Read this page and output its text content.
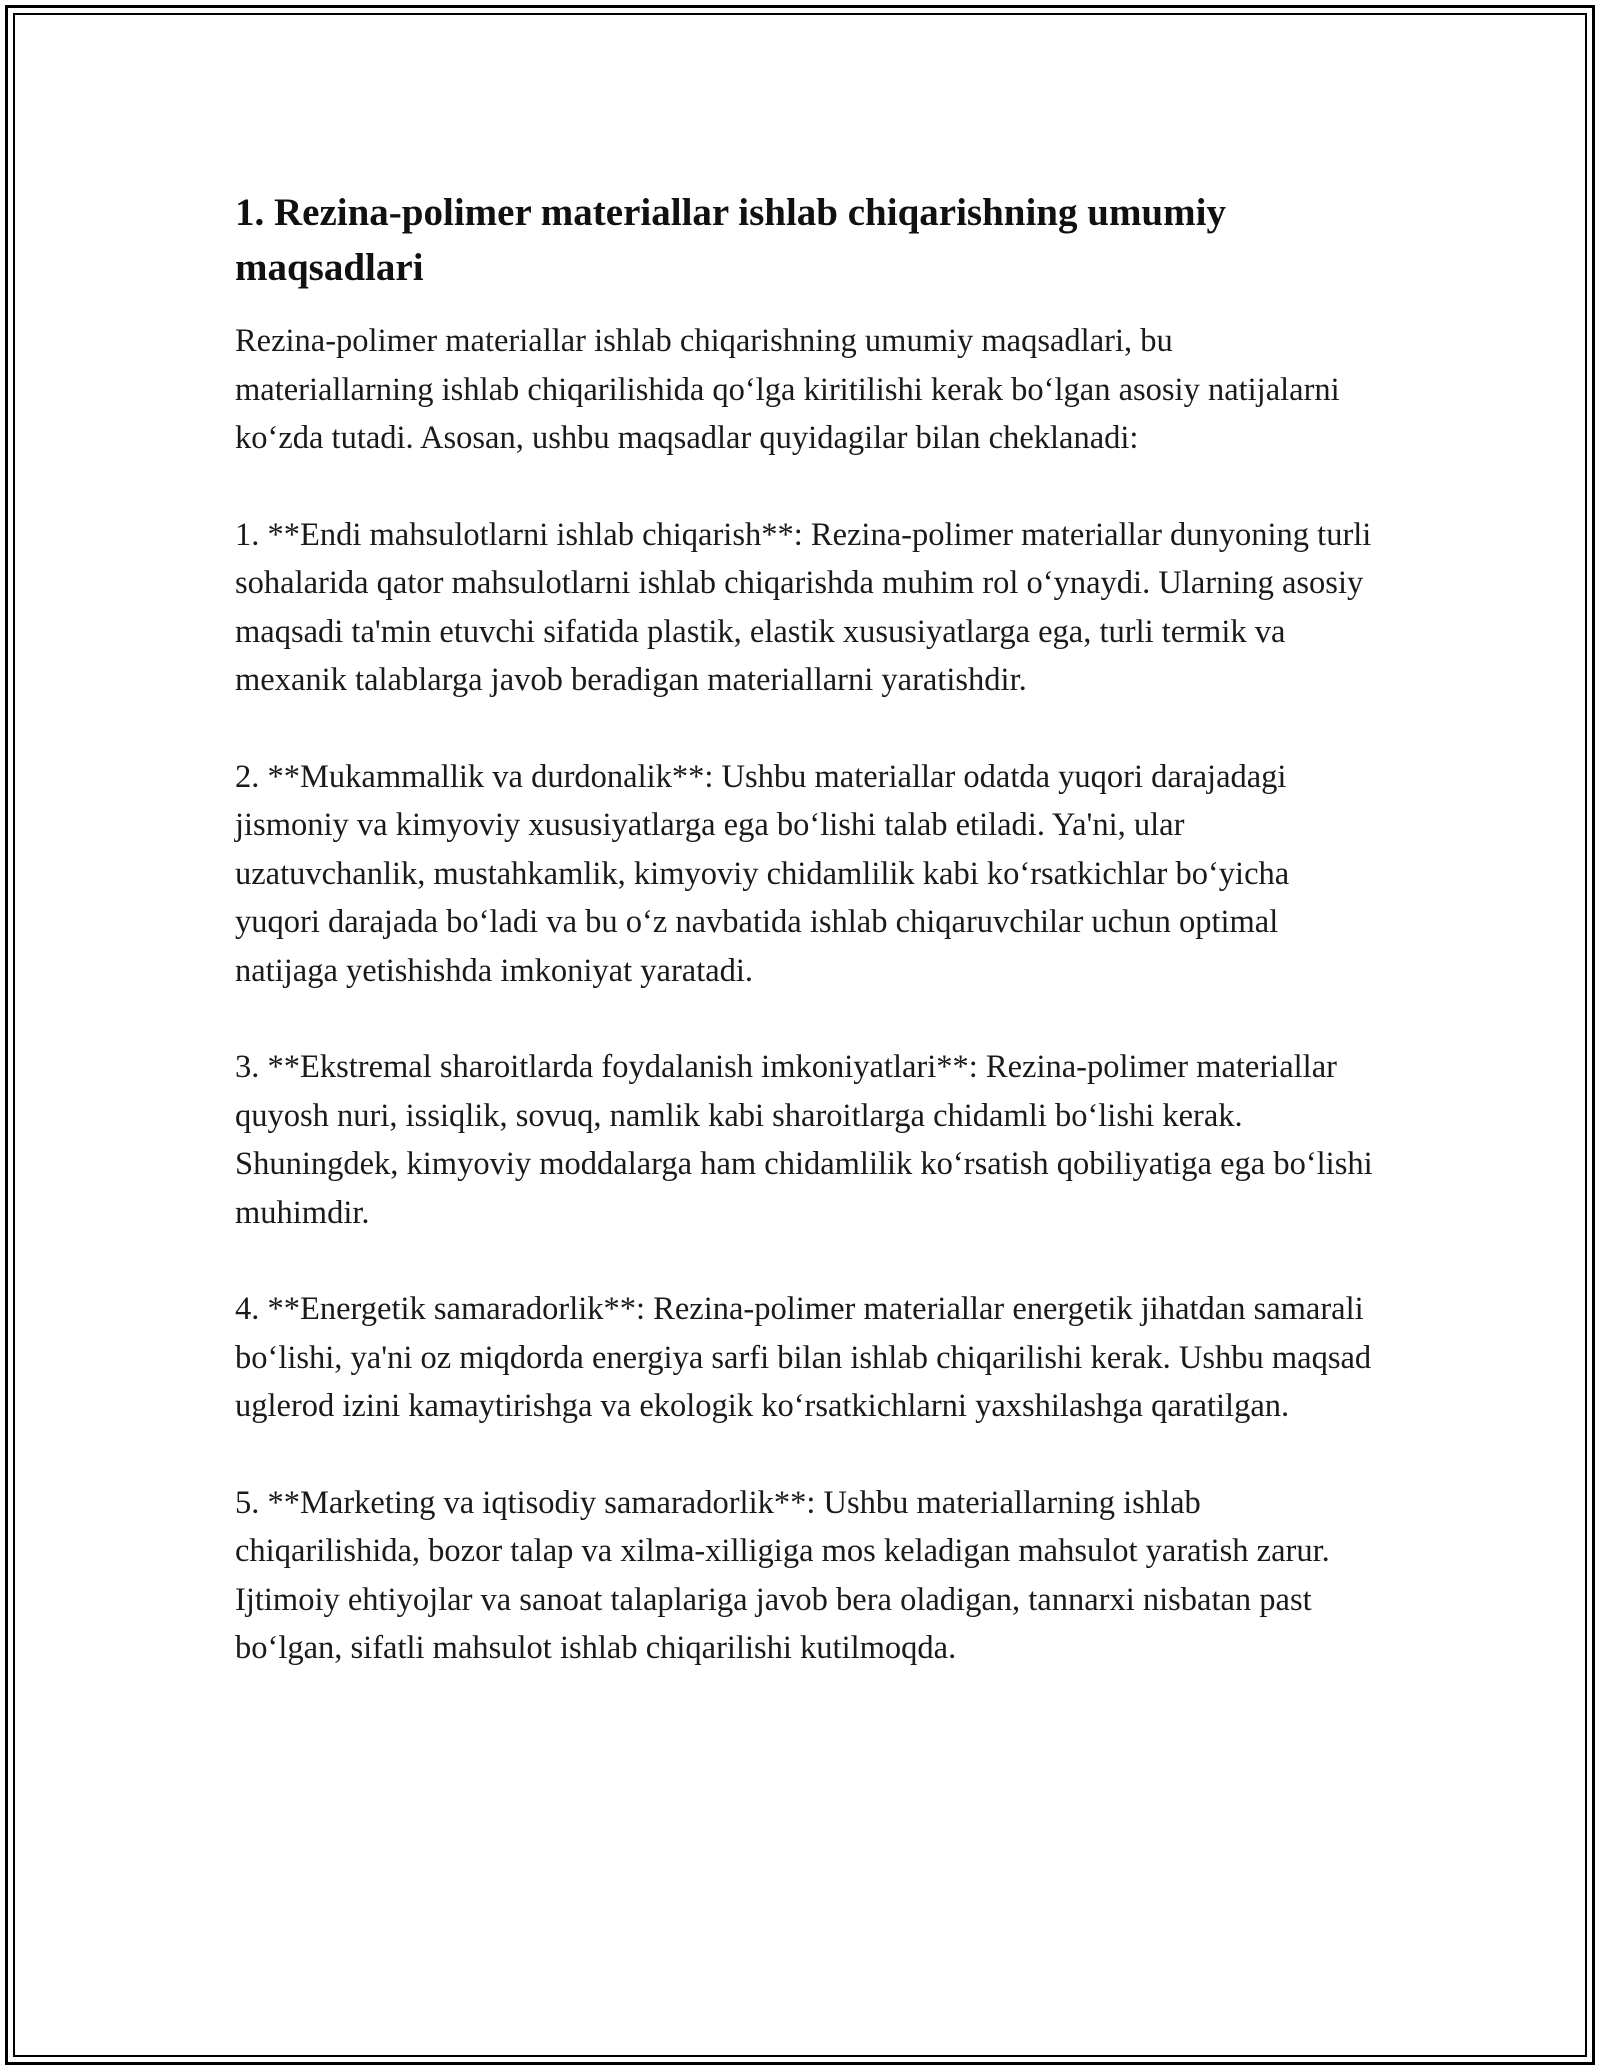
1. Rezina-polimer materiallar ishlab chiqarishning umumiy maqsadlari

Rezina-polimer materiallar ishlab chiqarishning umumiy maqsadlari, bu materiallarning ishlab chiqarilishida qo‘lga kiritilishi kerak bo‘lgan asosiy natijalarni ko‘zda tutadi. Asosan, ushbu maqsadlar quyidagilar bilan cheklanadi:

1. **Endi mahsulotlarni ishlab chiqarish**: Rezina-polimer materiallar dunyoning turli sohalarida qator mahsulotlarni ishlab chiqarishda muhim rol o‘ynaydi. Ularning asosiy maqsadi ta'min etuvchi sifatida plastik, elastik xususiyatlarga ega, turli termik va mexanik talablarga javob beradigan materiallarni yaratishdir.

2. **Mukammallik va durdonalik**: Ushbu materiallar odatda yuqori darajadagi jismoniy va kimyoviy xususiyatlarga ega bo‘lishi talab etiladi. Ya'ni, ular uzatuvchanlik, mustahkamlik, kimyoviy chidamlilik kabi ko‘rsatkichlar bo‘yicha yuqori darajada bo‘ladi va bu o‘z navbatida ishlab chiqaruvchilar uchun optimal natijaga yetishishda imkoniyat yaratadi.

3. **Ekstremal sharoitlarda foydalanish imkoniyatlari**: Rezina-polimer materiallar quyosh nuri, issiqlik, sovuq, namlik kabi sharoitlarga chidamli bo‘lishi kerak. Shuningdek, kimyoviy moddalarga ham chidamlilik ko‘rsatish qobiliyatiga ega bo‘lishi muhimdir.

4. **Energetik samaradorlik**: Rezina-polimer materiallar energetik jihatdan samarali bo‘lishi, ya'ni oz miqdorda energiya sarfi bilan ishlab chiqarilishi kerak. Ushbu maqsad uglerod izini kamaytirishga va ekologik ko‘rsatkichlarni yaxshilashga qaratilgan.

5. **Marketing va iqtisodiy samaradorlik**: Ushbu materiallarning ishlab chiqarilishida, bozor talap va xilma-xilligiga mos keladigan mahsulot yaratish zarur. Ijtimoiy ehtiyojlar va sanoat talaplariga javob bera oladigan, tannarxi nisbatan past bo‘lgan, sifatli mahsulot ishlab chiqarilishi kutilmoqda.
